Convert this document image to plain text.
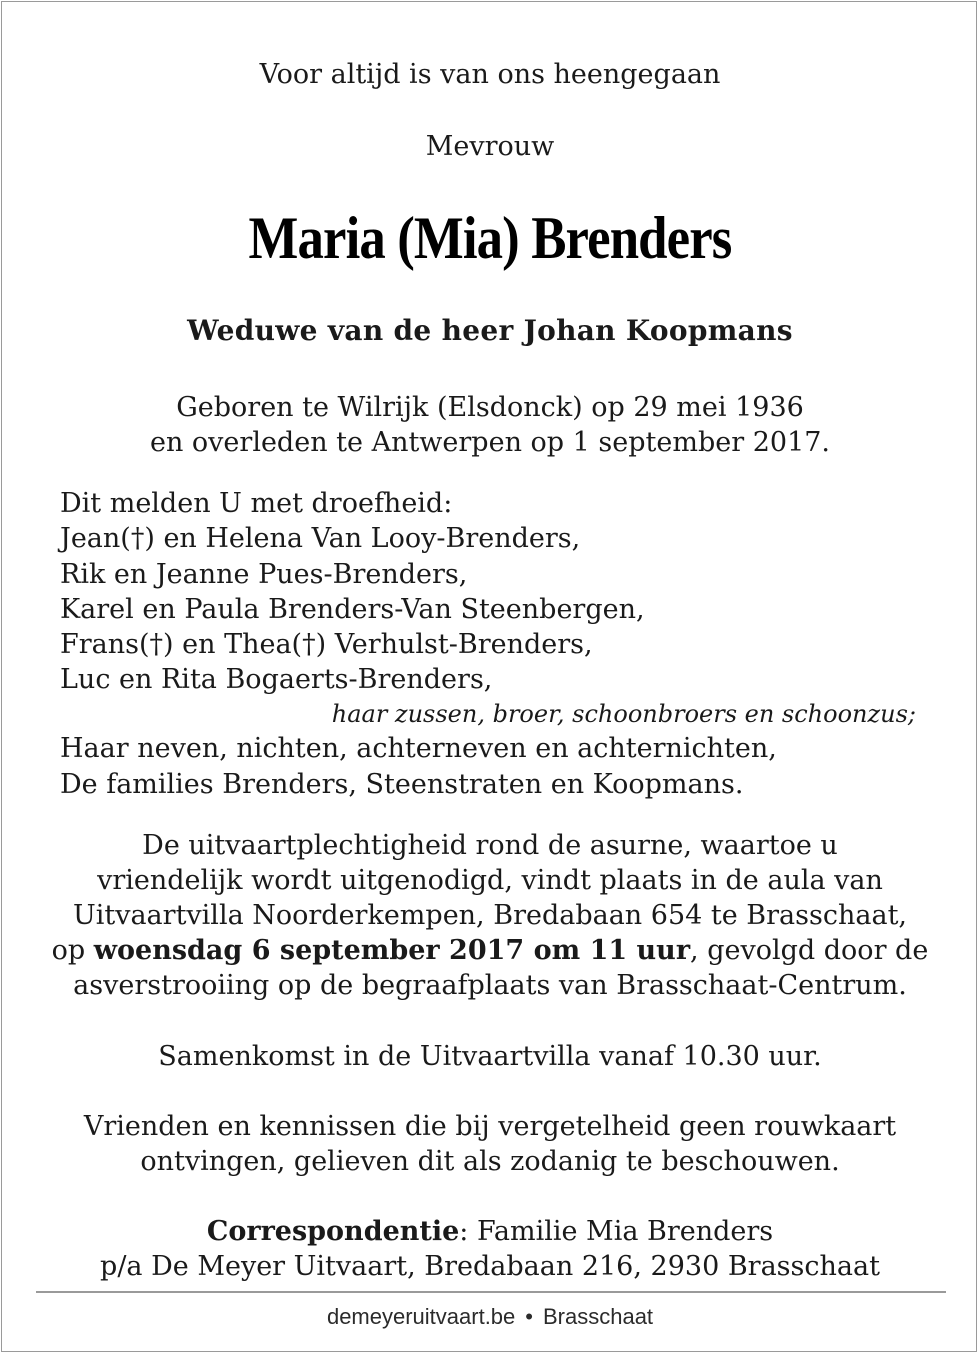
Voor altijd is van ons heengegaan
Mevrouw
Maria (Mia) Brenders
Weduwe van de heer Johan Koopmans
Geboren te Wilrijk (Elsdonck) op 29 mei 1936
en overleden te Antwerpen op 1 september 2017.
Dit melden U met droefheid:
Jean(†) en Helena Van Looy-Brenders,
Rik en Jeanne Pues-Brenders,
Karel en Paula Brenders-Van Steenbergen,
Frans(†) en Thea(†) Verhulst-Brenders,
Luc en Rita Bogaerts-Brenders,
haar zussen, broer, schoonbroers en schoonzus;
Haar neven, nichten, achterneven en achternichten,
De families Brenders, Steenstraten en Koopmans.
De uitvaartplechtigheid rond de asurne, waartoe u
vriendelijk wordt uitgenodigd, vindt plaats in de aula van
Uitvaartvilla Noorderkempen, Bredabaan 654 te Brasschaat,
op woensdag 6 september 2017 om 11 uur, gevolgd door de
asverstrooiing op de begraafplaats van Brasschaat-Centrum.
Samenkomst in de Uitvaartvilla vanaf 10.30 uur.
Vrienden en kennissen die bij vergetelheid geen rouwkaart
ontvingen, gelieven dit als zodanig te beschouwen.
Correspondentie: Familie Mia Brenders
p/a De Meyer Uitvaart, Bredabaan 216, 2930 Brasschaat
demeyeruitvaart.be • Brasschaat
